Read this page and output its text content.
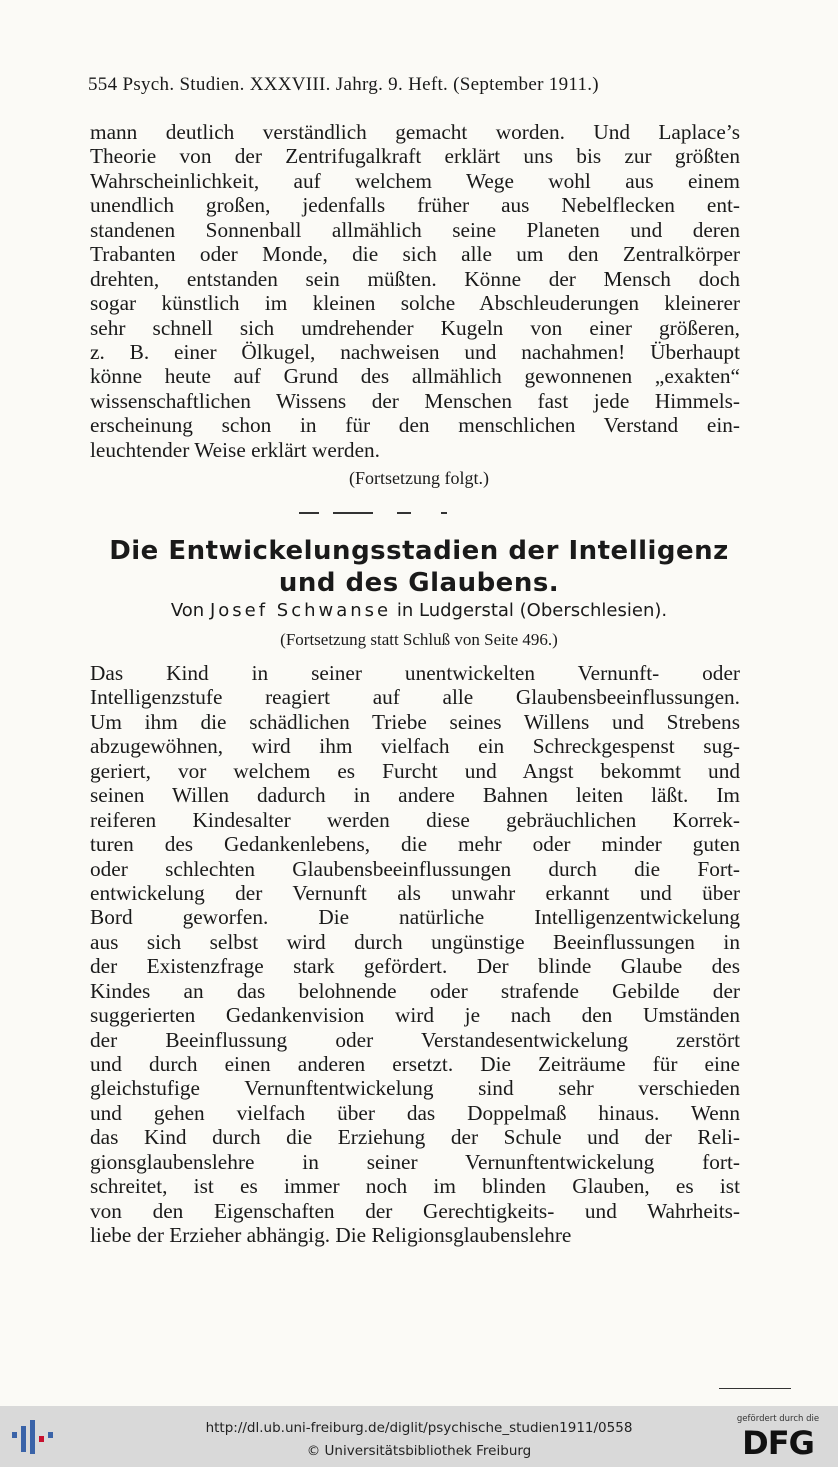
554 Psych. Studien. XXXVIII. Jahrg. 9. Heft. (September 1911.)
mann deutlich verständlich gemacht worden. Und Laplace’s
Theorie von der Zentrifugalkraft erklärt uns bis zur größten
Wahrscheinlichkeit, auf welchem Wege wohl aus einem
unendlich großen, jedenfalls früher aus Nebelflecken ent-
standenen Sonnenball allmählich seine Planeten und deren
Trabanten oder Monde, die sich alle um den Zentralkörper
drehten, entstanden sein müßten. Könne der Mensch doch
sogar künstlich im kleinen solche Abschleuderungen kleinerer
sehr schnell sich umdrehender Kugeln von einer größeren,
z. B. einer Ölkugel, nachweisen und nachahmen! Überhaupt
könne heute auf Grund des allmählich gewonnenen „exakten“
wissenschaftlichen Wissens der Menschen fast jede Himmels-
erscheinung schon in für den menschlichen Verstand ein-
leuchtender Weise erklärt werden.
(Fortsetzung folgt.)
Die Entwickelungsstadien der Intelligenz
und des Glaubens.
Von Josef Schwanse in Ludgerstal (Oberschlesien).
(Fortsetzung statt Schluß von Seite 496.)
Das Kind in seiner unentwickelten Vernunft- oder
Intelligenzstufe reagiert auf alle Glaubensbeeinflussungen.
Um ihm die schädlichen Triebe seines Willens und Strebens
abzugewöhnen, wird ihm vielfach ein Schreckgespenst sug-
geriert, vor welchem es Furcht und Angst bekommt und
seinen Willen dadurch in andere Bahnen leiten läßt. Im
reiferen Kindesalter werden diese gebräuchlichen Korrek-
turen des Gedankenlebens, die mehr oder minder guten
oder schlechten Glaubensbeeinflussungen durch die Fort-
entwickelung der Vernunft als unwahr erkannt und über
Bord geworfen. Die natürliche Intelligenzentwickelung
aus sich selbst wird durch ungünstige Beeinflussungen in
der Existenzfrage stark gefördert. Der blinde Glaube des
Kindes an das belohnende oder strafende Gebilde der
suggerierten Gedankenvision wird je nach den Umständen
der Beeinflussung oder Verstandesentwickelung zerstört
und durch einen anderen ersetzt. Die Zeiträume für eine
gleichstufige Vernunftentwickelung sind sehr verschieden
und gehen vielfach über das Doppelmaß hinaus. Wenn
das Kind durch die Erziehung der Schule und der Reli-
gionsglaubenslehre in seiner Vernunftentwickelung fort-
schreitet, ist es immer noch im blinden Glauben, es ist
von den Eigenschaften der Gerechtigkeits- und Wahrheits-
liebe der Erzieher abhängig. Die Religionsglaubenslehre
http://dl.ub.uni-freiburg.de/diglit/psychische_studien1911/0558
© Universitätsbibliothek Freiburg
gefördert durch die
DFG
